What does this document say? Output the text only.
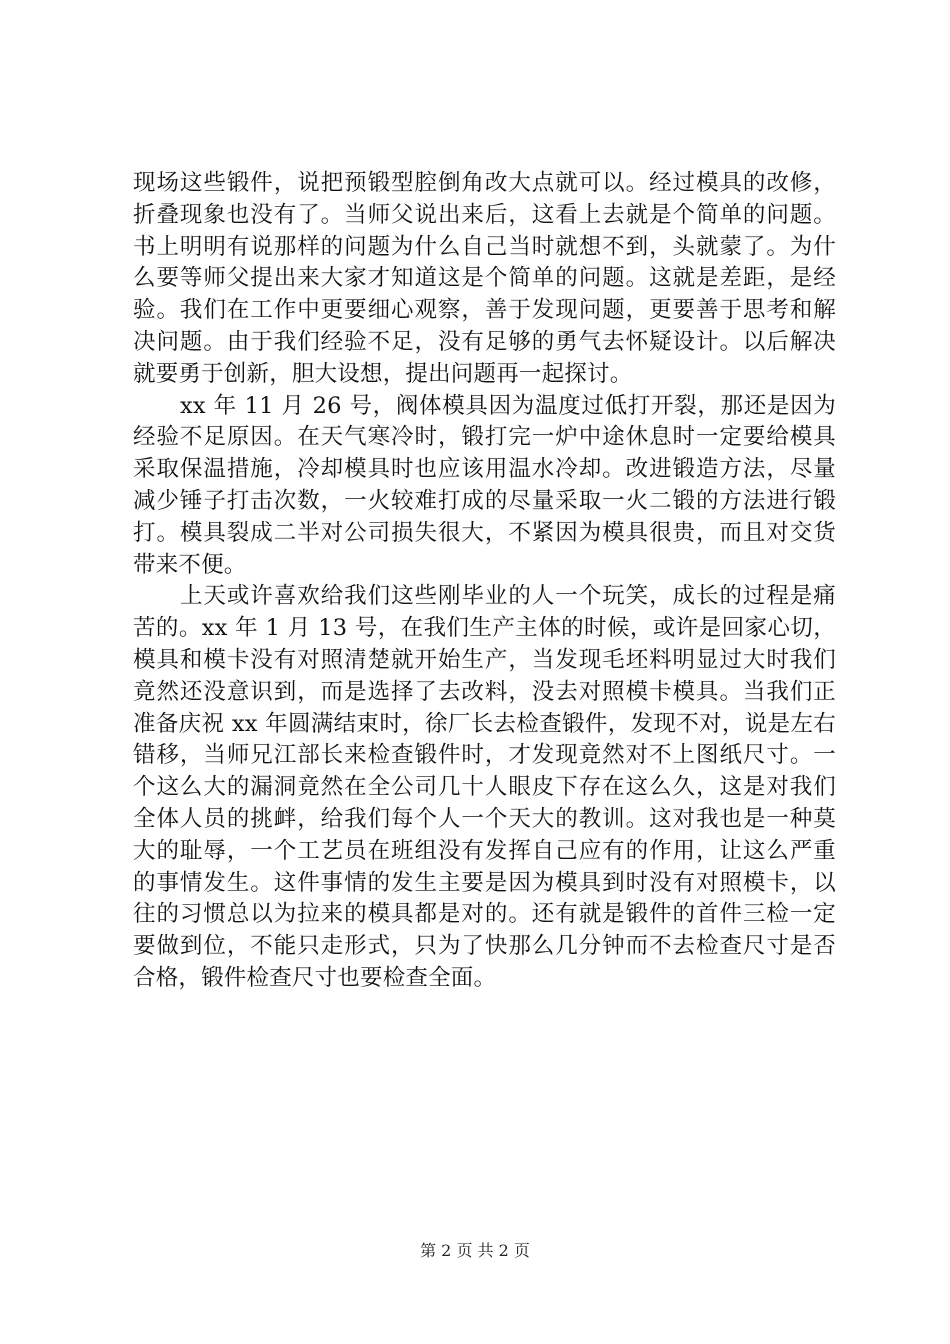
现场这些锻件，说把预锻型腔倒角改大点就可以。经过模具的改修，折叠现象也没有了。当师父说出来后，这看上去就是个简单的问题。书上明明有说那样的问题为什么自己当时就想不到，头就蒙了。为什么要等师父提出来大家才知道这是个简单的问题。这就是差距，是经验。我们在工作中更要细心观察，善于发现问题，更要善于思考和解决问题。由于我们经验不足，没有足够的勇气去怀疑设计。以后解决就要勇于创新，胆大设想，提出问题再一起探讨。

xx 年 11 月 26 号，阀体模具因为温度过低打开裂，那还是因为经验不足原因。在天气寒冷时，锻打完一炉中途休息时一定要给模具采取保温措施，冷却模具时也应该用温水冷却。改进锻造方法，尽量减少锤子打击次数，一火较难打成的尽量采取一火二锻的方法进行锻打。模具裂成二半对公司损失很大，不紧因为模具很贵，而且对交货带来不便。

上天或许喜欢给我们这些刚毕业的人一个玩笑，成长的过程是痛苦的。xx 年 1 月 13 号，在我们生产主体的时候，或许是回家心切，模具和模卡没有对照清楚就开始生产，当发现毛坯料明显过大时我们竟然还没意识到，而是选择了去改料，没去对照模卡模具。当我们正准备庆祝 xx 年圆满结束时，徐厂长去检查锻件，发现不对，说是左右错移，当师兄江部长来检查锻件时，才发现竟然对不上图纸尺寸。一个这么大的漏洞竟然在全公司几十人眼皮下存在这么久，这是对我们全体人员的挑衅，给我们每个人一个天大的教训。这对我也是一种莫大的耻辱，一个工艺员在班组没有发挥自己应有的作用，让这么严重的事情发生。这件事情的发生主要是因为模具到时没有对照模卡，以往的习惯总以为拉来的模具都是对的。还有就是锻件的首件三检一定要做到位，不能只走形式，只为了快那么几分钟而不去检查尺寸是否合格，锻件检查尺寸也要检查全面。

第 2 页 共 2 页
